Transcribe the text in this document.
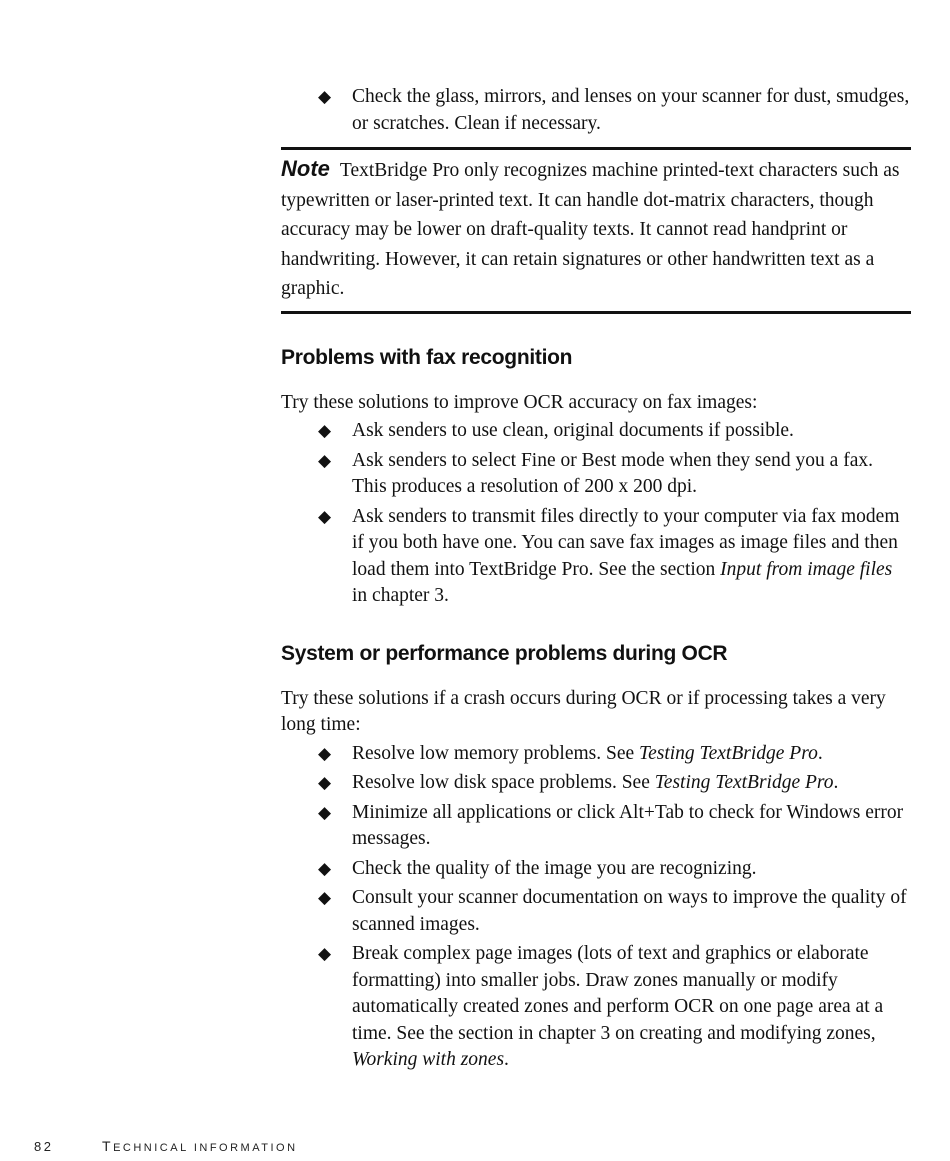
◆ Check the glass, mirrors, and lenses on your scanner for dust, smudges, or scratches. Clean if necessary.
Note TextBridge Pro only recognizes machine printed-text characters such as typewritten or laser-printed text. It can handle dot-matrix characters, though accuracy may be lower on draft-quality texts. It cannot read handprint or handwriting. However, it can retain signatures or other handwritten text as a graphic.
Problems with fax recognition

Try these solutions to improve OCR accuracy on fax images:

◆ Ask senders to use clean, original documents if possible.
◆ Ask senders to select Fine or Best mode when they send you a fax. This produces a resolution of 200 x 200 dpi.
◆ Ask senders to transmit files directly to your computer via fax modem if you both have one. You can save fax images as image files and then load them into TextBridge Pro. See the section Input from image files in chapter 3.
System or performance problems during OCR

Try these solutions if a crash occurs during OCR or if processing takes a very long time:

◆ Resolve low memory problems. See Testing TextBridge Pro.
◆ Resolve low disk space problems. See Testing TextBridge Pro.
◆ Minimize all applications or click Alt+Tab to check for Windows error messages.
◆ Check the quality of the image you are recognizing.
◆ Consult your scanner documentation on ways to improve the quality of scanned images.
◆ Break complex page images (lots of text and graphics or elaborate formatting) into smaller jobs. Draw zones manually or modify automatically created zones and perform OCR on one page area at a time. See the section in chapter 3 on creating and modifying zones, Working with zones.
82	TECHNICAL INFORMATION
